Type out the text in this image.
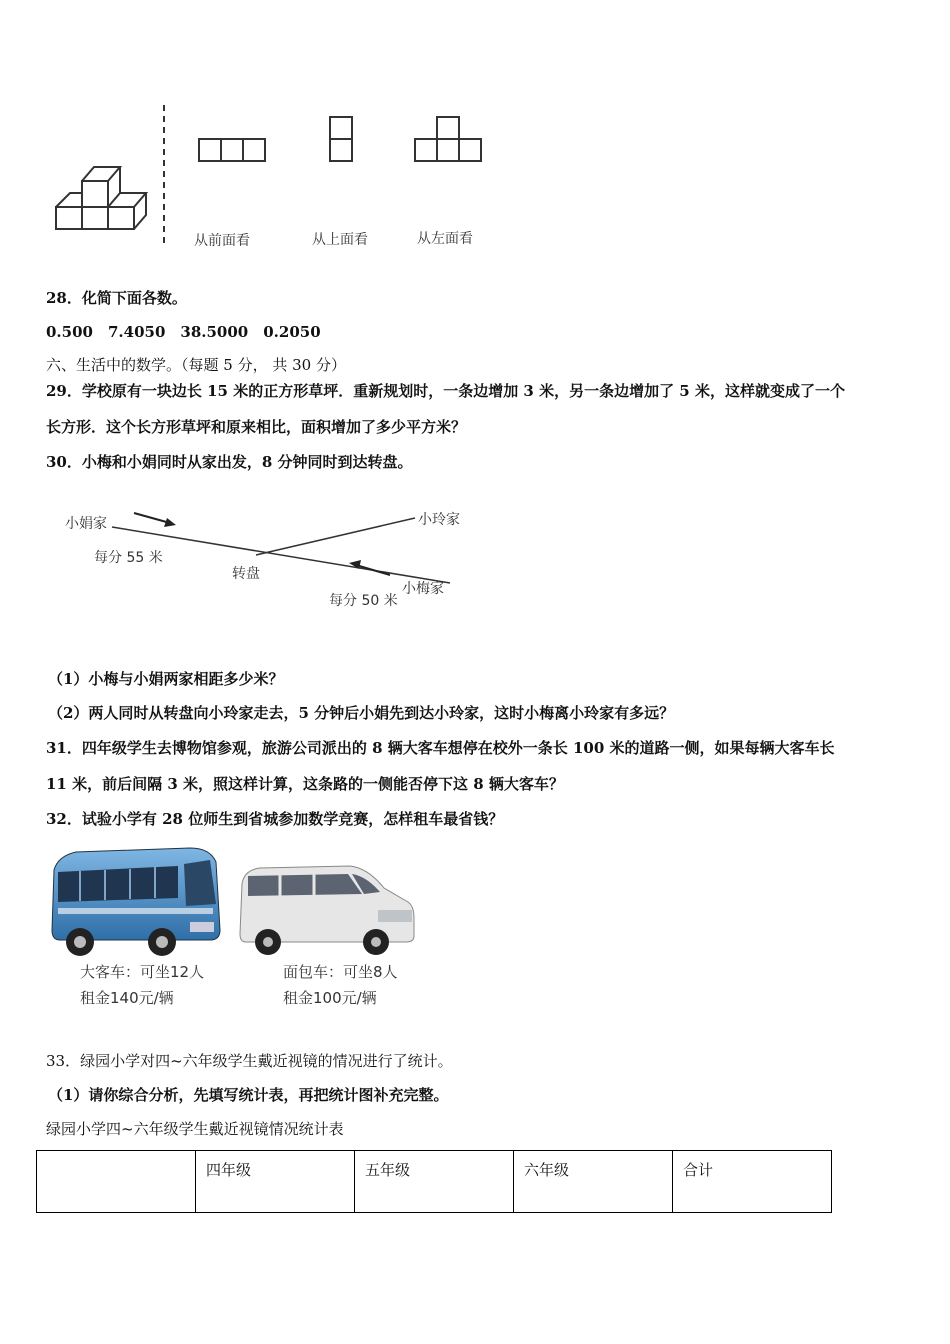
从前面看	从上面看	从左面看
28．化简下面各数。
0.500　7.4050　38.5000　0.2050
六、生活中的数学。（每题 5 分， 共 30 分）
29．学校原有一块边长 15 米的正方形草坪．重新规划时，一条边增加 3 米，另一条边增加了 5 米，这样就变成了一个
长方形．这个长方形草坪和原来相比，面积增加了多少平方米？
30．小梅和小娟同时从家出发，8 分钟同时到达转盘。
小娟家	小玲家
每分 55 米
转盘
小梅家
每分 50 米
（1）小梅与小娟两家相距多少米？
（2）两人同时从转盘向小玲家走去，5 分钟后小娟先到达小玲家，这时小梅离小玲家有多远？
31．四年级学生去博物馆参观，旅游公司派出的 8 辆大客车想停在校外一条长 100 米的道路一侧，如果每辆大客车长
11 米，前后间隔 3 米，照这样计算，这条路的一侧能否停下这 8 辆大客车？
32．试验小学有 28 位师生到省城参加数学竞赛，怎样租车最省钱？
大客车：可坐12人
租金140元/辆
面包车：可坐8人
租金100元/辆
33．绿园小学对四~六年级学生戴近视镜的情况进行了统计。
（1）请你综合分析，先填写统计表，再把统计图补充完整。
绿园小学四~六年级学生戴近视镜情况统计表
	四年级	五年级	六年级	合计
